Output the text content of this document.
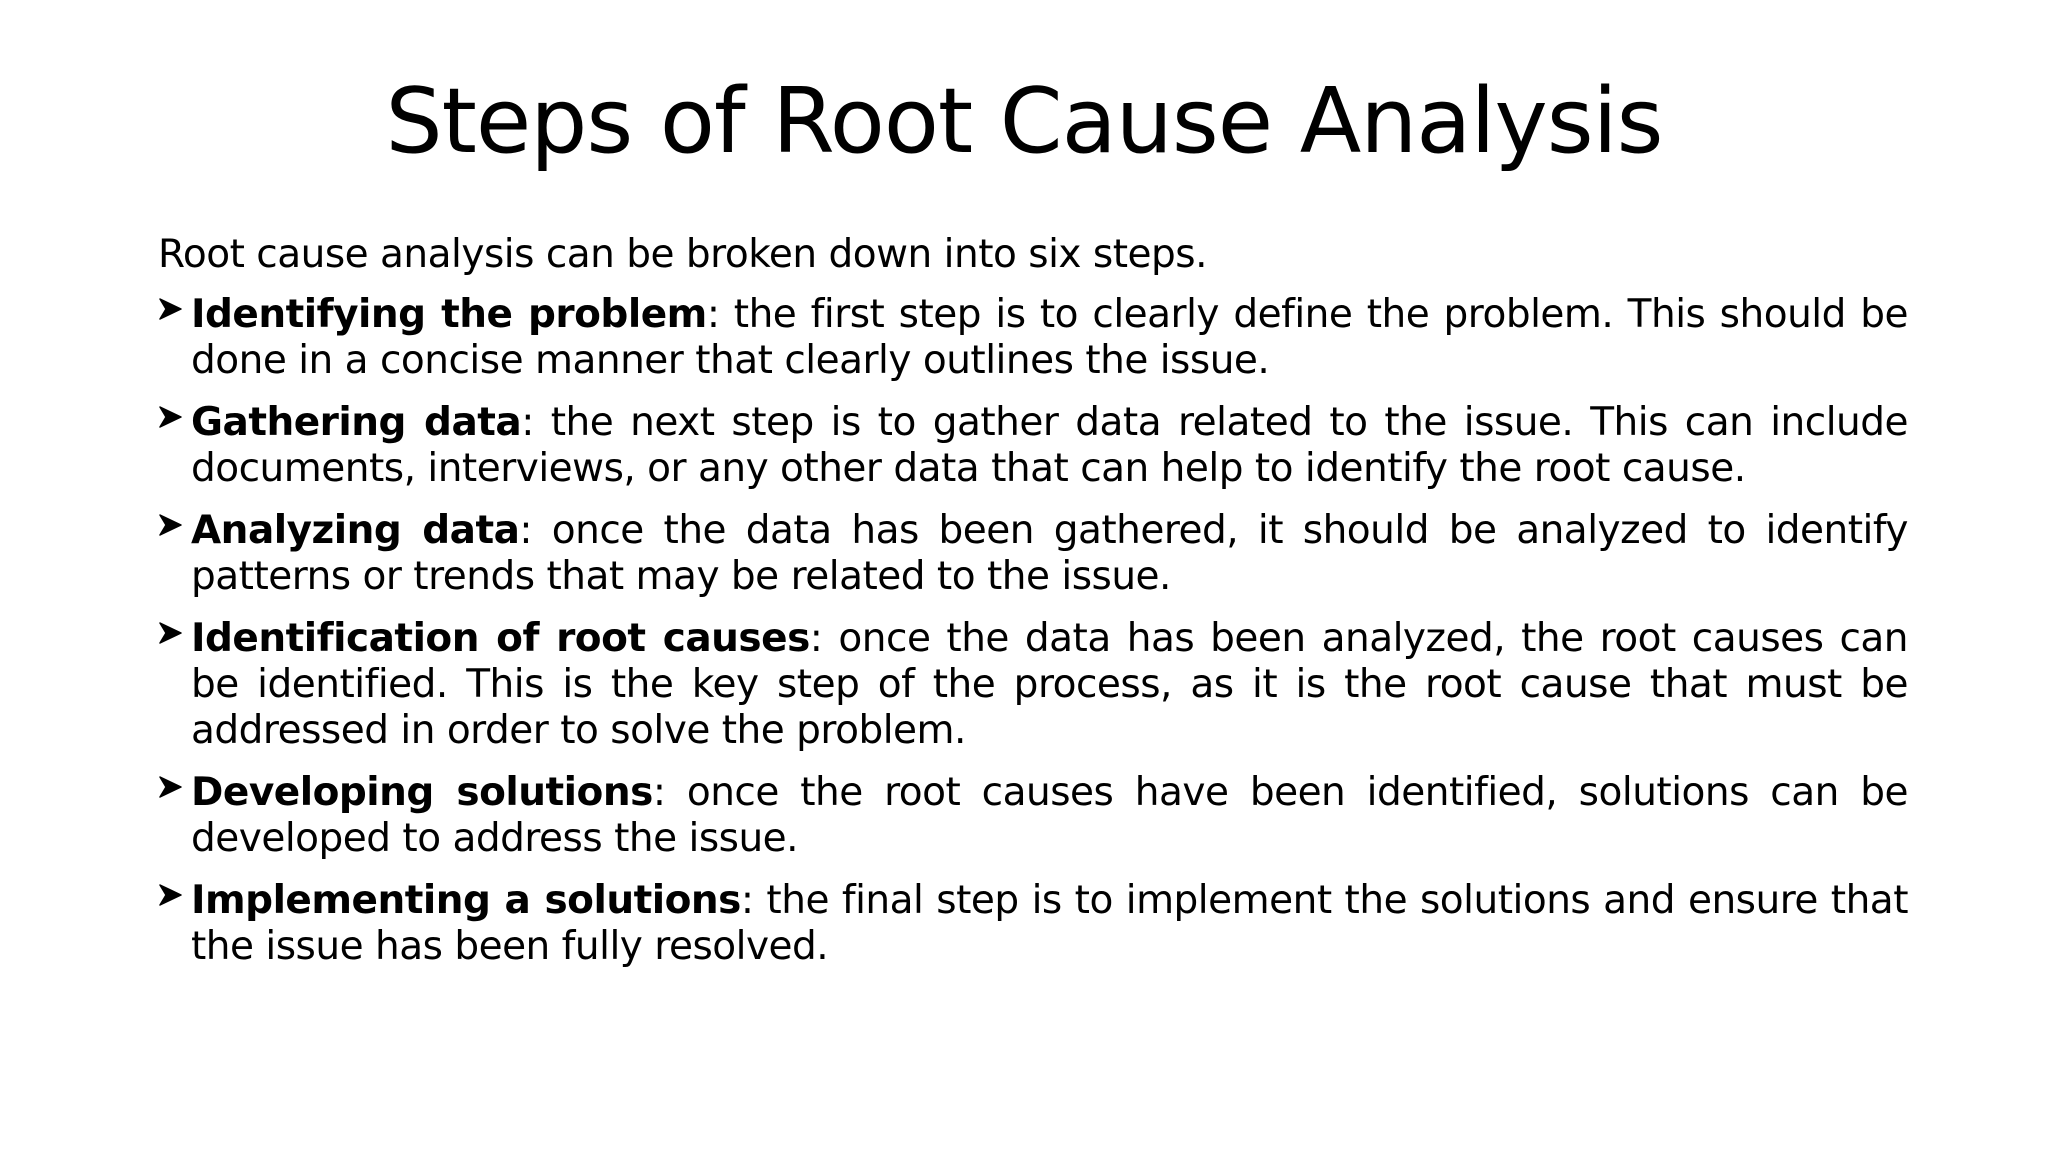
Steps of Root Cause Analysis

Root cause analysis can be broken down into six steps.

Identifying the problem: the first step is to clearly define the problem. This should be done in a concise manner that clearly outlines the issue.
Gathering data: the next step is to gather data related to the issue. This can include documents, interviews, or any other data that can help to identify the root cause.
Analyzing data: once the data has been gathered, it should be analyzed to identify patterns or trends that may be related to the issue.
Identification of root causes: once the data has been analyzed, the root causes can be identified. This is the key step of the process, as it is the root cause that must be addressed in order to solve the problem.
Developing solutions: once the root causes have been identified, solutions can be developed to address the issue.
Implementing a solutions: the final step is to implement the solutions and ensure that the issue has been fully resolved.
